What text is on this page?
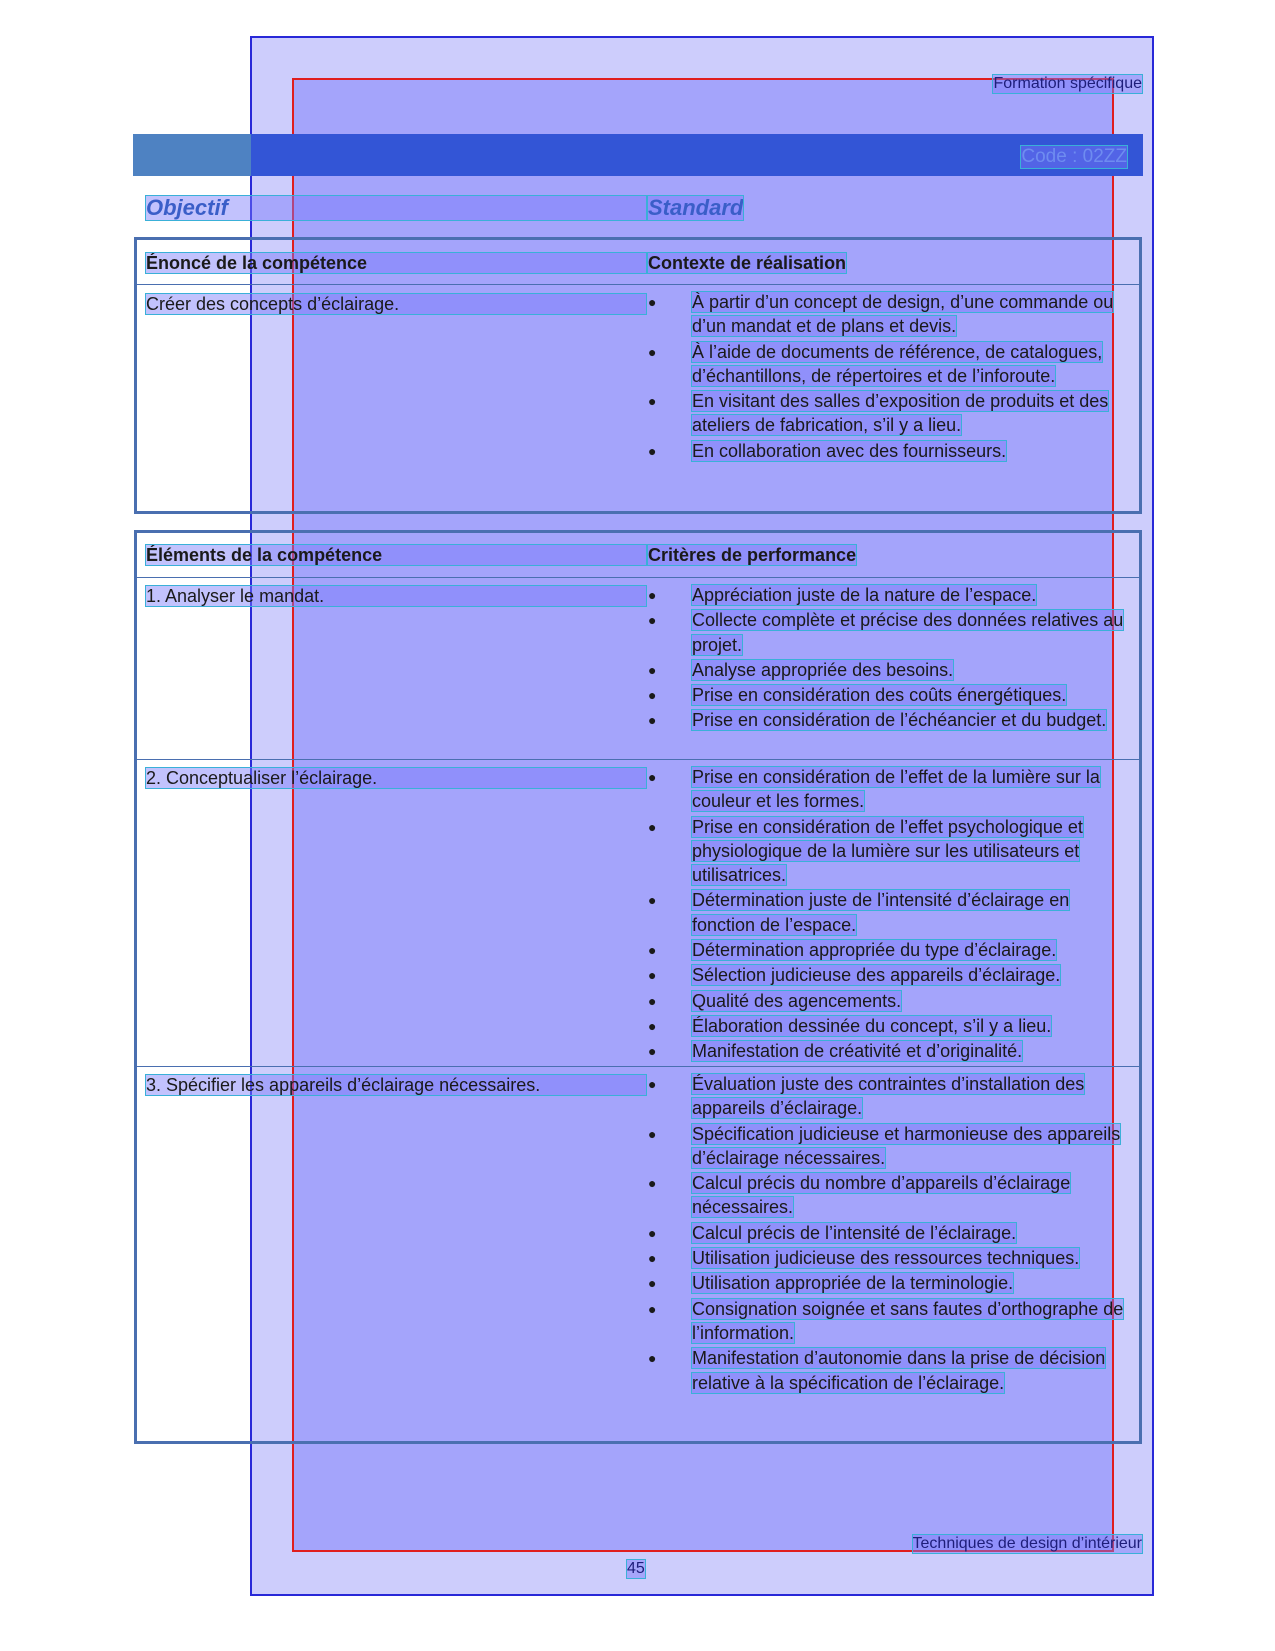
Formation spécifique
Code : 02ZZ
Objectif	Standard
Énoncé de la compétence	Contexte de réalisation
Créer des concepts d’éclairage.	● À partir d’un concept de design, d’une commande ou d’un mandat et de plans et devis.
● À l’aide de documents de référence, de catalogues, d’échantillons, de répertoires et de l’inforoute.
● En visitant des salles d’exposition de produits et des ateliers de fabrication, s’il y a lieu.
● En collaboration avec des fournisseurs.
Éléments de la compétence	Critères de performance
1. Analyser le mandat.	● Appréciation juste de la nature de l’espace.
● Collecte complète et précise des données relatives au projet.
● Analyse appropriée des besoins.
● Prise en considération des coûts énergétiques.
● Prise en considération de l’échéancier et du budget.
2. Conceptualiser l’éclairage.	● Prise en considération de l’effet de la lumière sur la couleur et les formes.
● Prise en considération de l’effet psychologique et physiologique de la lumière sur les utilisateurs et utilisatrices.
● Détermination juste de l’intensité d’éclairage en fonction de l’espace.
● Détermination appropriée du type d’éclairage.
● Sélection judicieuse des appareils d’éclairage.
● Qualité des agencements.
● Élaboration dessinée du concept, s’il y a lieu.
● Manifestation de créativité et d’originalité.
3. Spécifier les appareils d’éclairage nécessaires.	● Évaluation juste des contraintes d’installation des appareils d’éclairage.
● Spécification judicieuse et harmonieuse des appareils d’éclairage nécessaires.
● Calcul précis du nombre d’appareils d’éclairage nécessaires.
● Calcul précis de l’intensité de l’éclairage.
● Utilisation judicieuse des ressources techniques.
● Utilisation appropriée de la terminologie.
● Consignation soignée et sans fautes d’orthographe de l’information.
● Manifestation d’autonomie dans la prise de décision relative à la spécification de l’éclairage.
Techniques de design d’intérieur
45
